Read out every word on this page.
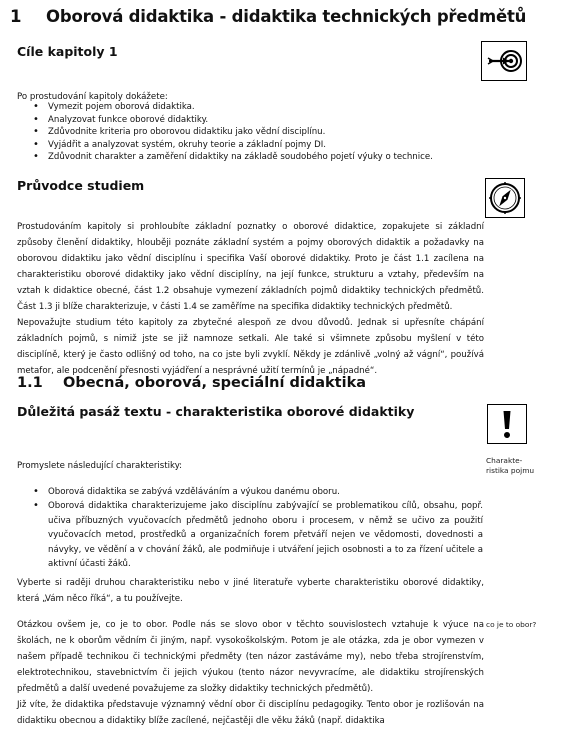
1 Oborová didaktika - didaktika technických předmětů
Cíle kapitoly 1
Po prostudování kapitoly dokážete:
• Vymezit pojem oborová didaktika.
• Analyzovat funkce oborové didaktiky.
• Zdůvodnite kriteria pro oborovou didaktiku jako vědní disciplínu.
• Vyjádřit a analyzovat systém, okruhy teorie a základní pojmy DI.
• Zdůvodnit charakter a zaměření didaktiky na základě soudobého pojetí výuky o technice.
Průvodce studiem
Prostudováním kapitoly si prohloubíte základní poznatky o oborové didaktice, zopakujete si základní způsoby členění didaktiky, hlouběji poznáte základní systém a pojmy oborových didaktik a požadavky na oborovou didaktiku jako vědní disciplínu i specifika Vaší oborové didaktiky. Proto je část 1.1 zacílena na charakteristiku oborové didaktiky jako vědní disciplíny, na její funkce, strukturu a vztahy, především na vztah k didaktice obecné, část 1.2 obsahuje vymezení základních pojmů didaktiky technických předmětů. Část 1.3 ji blíže charakterizuje, v části 1.4 se zaměříme na specifika didaktiky technických předmětů.
Nepovažujte studium této kapitoly za zbytečné alespoň ze dvou důvodů. Jednak si upřesníte chápání základních pojmů, s nimiž jste se již namnoze setkali. Ale také si všimnete způsobu myšlení v této disciplíně, který je často odlišný od toho, na co jste byli zvyklí. Někdy je zdánlivě „volný až vágní“, používá metafor, ale podcenění přesnosti vyjádření a nesprávné užití termínů je „nápadné“.
1.1 Obecná, oborová, speciální didaktika
Důležitá pasáž textu - charakteristika oborové didaktiky
Charakte-
ristika pojmu
Promyslete následující charakteristiky:
• Oborová didaktika se zabývá vzděláváním a výukou danému oboru.
• Oborová didaktika charakterizujeme jako disciplínu zabývající se problematikou cílů, obsahu, popř. učiva příbuzných vyučovacích předmětů jednoho oboru i procesem, v němž se učivo za použití vyučovacích metod, prostředků a organizačních forem přetváří nejen ve vědomosti, dovednosti a návyky, ve vědění a v chování žáků, ale podmiňuje i utváření jejich osobnosti a to za řízení učitele a aktivní účasti žáků.
Vyberte si raději druhou charakteristiku nebo v jiné literatuře vyberte charakteristiku oborové didaktiky, která „Vám něco říká“, a tu používejte.
co je to obor?
Otázkou ovšem je, co je to obor. Podle nás se slovo obor v těchto souvislostech vztahuje k výuce na školách, ne k oborům vědním či jiným, např. vysokoškolským. Potom je ale otázka, zda je obor vymezen v našem případě technikou či technickými předměty (ten názor zastáváme my), nebo třeba strojírenstvím, elektrotechnikou, stavebnictvím či jejich výukou (tento názor nevyvracíme, ale didaktiku strojírenských předmětů a další uvedené považujeme za složky didaktiky technických předmětů).
Již víte, že didaktika představuje významný vědní obor či disciplínu pedagogiky. Tento obor je rozlišován na didaktiku obecnou a didaktiky blíže zacílené, nejčastěji dle věku žáků (např. didaktika
